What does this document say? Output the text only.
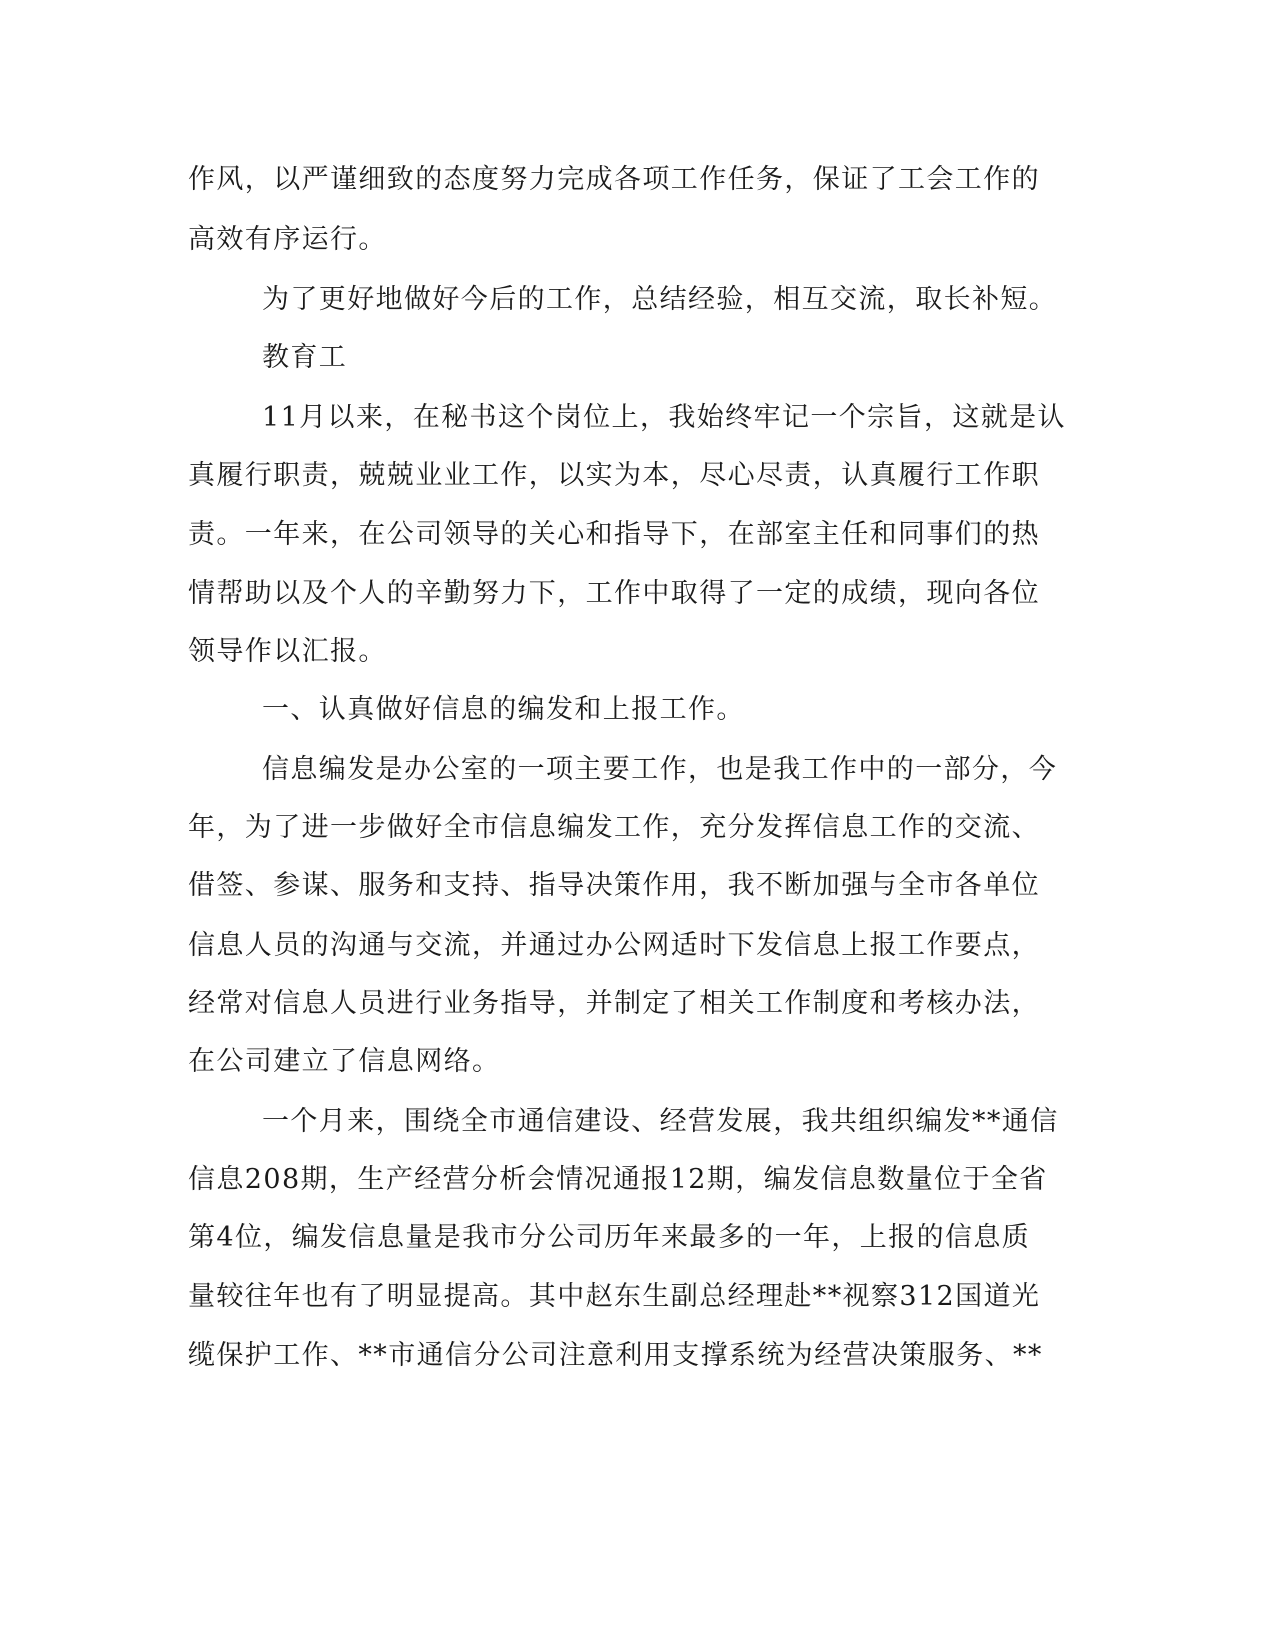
作风，以严谨细致的态度努力完成各项工作任务，保证了工会工作的

高效有序运行。

为了更好地做好今后的工作，总结经验，相互交流，取长补短。

教育工

11月以来，在秘书这个岗位上，我始终牢记一个宗旨，这就是认

真履行职责，兢兢业业工作，以实为本，尽心尽责，认真履行工作职

责。一年来，在公司领导的关心和指导下，在部室主任和同事们的热

情帮助以及个人的辛勤努力下，工作中取得了一定的成绩，现向各位

领导作以汇报。

一、认真做好信息的编发和上报工作。

信息编发是办公室的一项主要工作，也是我工作中的一部分，今

年，为了进一步做好全市信息编发工作，充分发挥信息工作的交流、

借签、参谋、服务和支持、指导决策作用，我不断加强与全市各单位

信息人员的沟通与交流，并通过办公网适时下发信息上报工作要点，

经常对信息人员进行业务指导，并制定了相关工作制度和考核办法，

在公司建立了信息网络。

一个月来，围绕全市通信建设、经营发展，我共组织编发**通信

信息208期，生产经营分析会情况通报12期，编发信息数量位于全省

第4位，编发信息量是我市分公司历年来最多的一年，上报的信息质

量较往年也有了明显提高。其中赵东生副总经理赴**视察312国道光

缆保护工作、**市通信分公司注意利用支撑系统为经营决策服务、**
